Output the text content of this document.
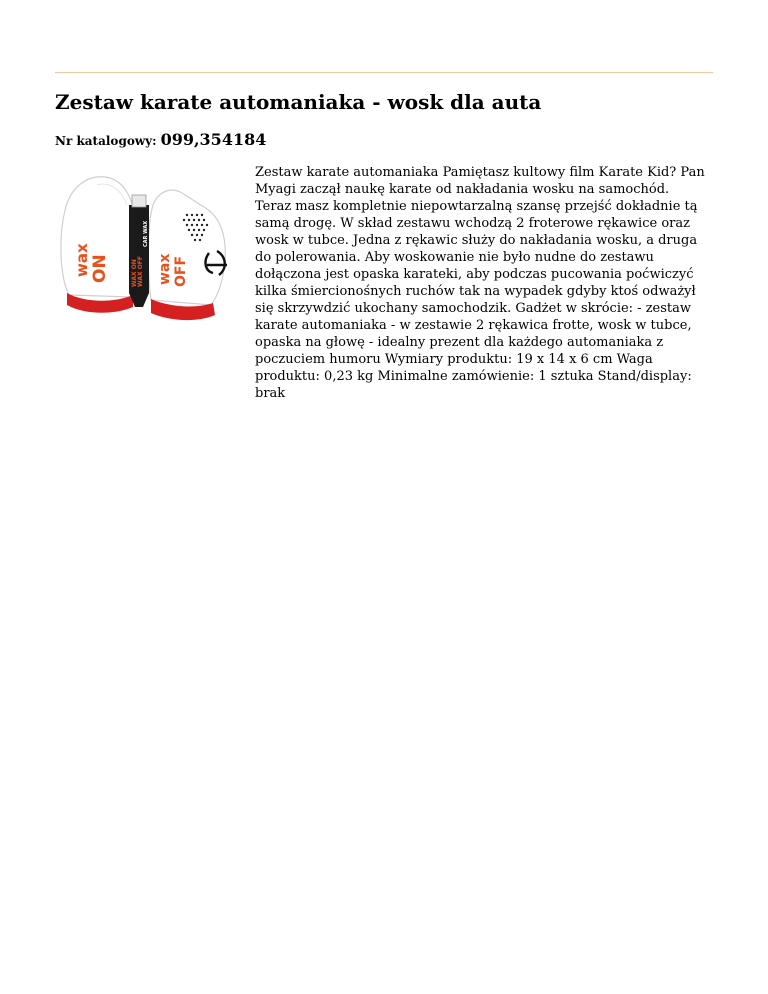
Zestaw karate automaniaka - wosk dla auta
Nr katalogowy: 099,354184
wax ON	wax OFF
WAX ON WAX OFF
CAR WAX

Zestaw karate automaniaka Pamiętasz kultowy film Karate Kid? Pan Myagi zaczął naukę karate od nakładania wosku na samochód. Teraz masz kompletnie niepowtarzalną szansę przejść dokładnie tą samą drogę. W skład zestawu wchodzą 2 froterowe rękawice oraz wosk w tubce. Jedna z rękawic służy do nakładania wosku, a druga do polerowania. Aby woskowanie nie było nudne do zestawu dołączona jest opaska karateki, aby podczas pucowania poćwiczyć kilka śmiercionośnych ruchów tak na wypadek gdyby ktoś odważył się skrzywdzić ukochany samochodzik. Gadżet w skrócie: - zestaw karate automaniaka - w zestawie 2 rękawica frotte, wosk w tubce, opaska na głowę - idealny prezent dla każdego automaniaka z poczuciem humoru Wymiary produktu: 19 x 14 x 6 cm Waga produktu: 0,23 kg Minimalne zamówienie: 1 sztuka Stand/display: brak
